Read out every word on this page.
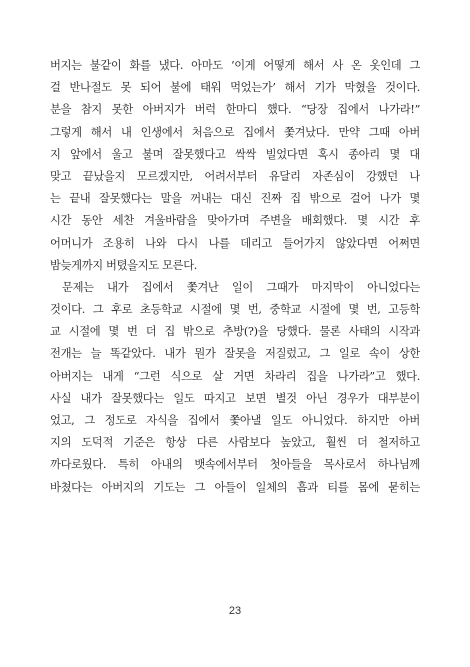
버지는 불같이 화를 냈다. 아마도 ‘이게 어떻게 해서 사 온 옷인데 그
걸 반나절도 못 되어 불에 태워 먹었는가’ 해서 기가 막혔을 것이다.
분을 참지 못한 아버지가 버럭 한마디 했다. “당장 집에서 나가라!”
그렇게 해서 내 인생에서 처음으로 집에서 쫓겨났다. 만약 그때 아버
지 앞에서 울고 불며 잘못했다고 싹싹 빌었다면 혹시 종아리 몇 대
맞고 끝났을지 모르겠지만, 어려서부터 유달리 자존심이 강했던 나
는 끝내 잘못했다는 말을 꺼내는 대신 진짜 집 밖으로 걸어 나가 몇
시간 동안 세찬 겨울바람을 맞아가며 주변을 배회했다. 몇 시간 후
어머니가 조용히 나와 다시 나를 데리고 들어가지 않았다면 어쩌면
밤늦게까지 버텼을지도 모른다.
문제는 내가 집에서 쫓겨난 일이 그때가 마지막이 아니었다는
것이다. 그 후로 초등학교 시절에 몇 번, 중학교 시절에 몇 번, 고등학
교 시절에 몇 번 더 집 밖으로 추방(?)을 당했다. 물론 사태의 시작과
전개는 늘 똑같았다. 내가 뭔가 잘못을 저질렀고, 그 일로 속이 상한
아버지는 내게 “그런 식으로 살 거면 차라리 집을 나가라”고 했다.
사실 내가 잘못했다는 일도 따지고 보면 별것 아닌 경우가 대부분이
었고, 그 정도로 자식을 집에서 쫓아낼 일도 아니었다. 하지만 아버
지의 도덕적 기준은 항상 다른 사람보다 높았고, 훨씬 더 철저하고
까다로웠다. 특히 아내의 뱃속에서부터 첫아들을 목사로서 하나님께
바쳤다는 아버지의 기도는 그 아들이 일체의 흠과 티를 몸에 묻히는
23
